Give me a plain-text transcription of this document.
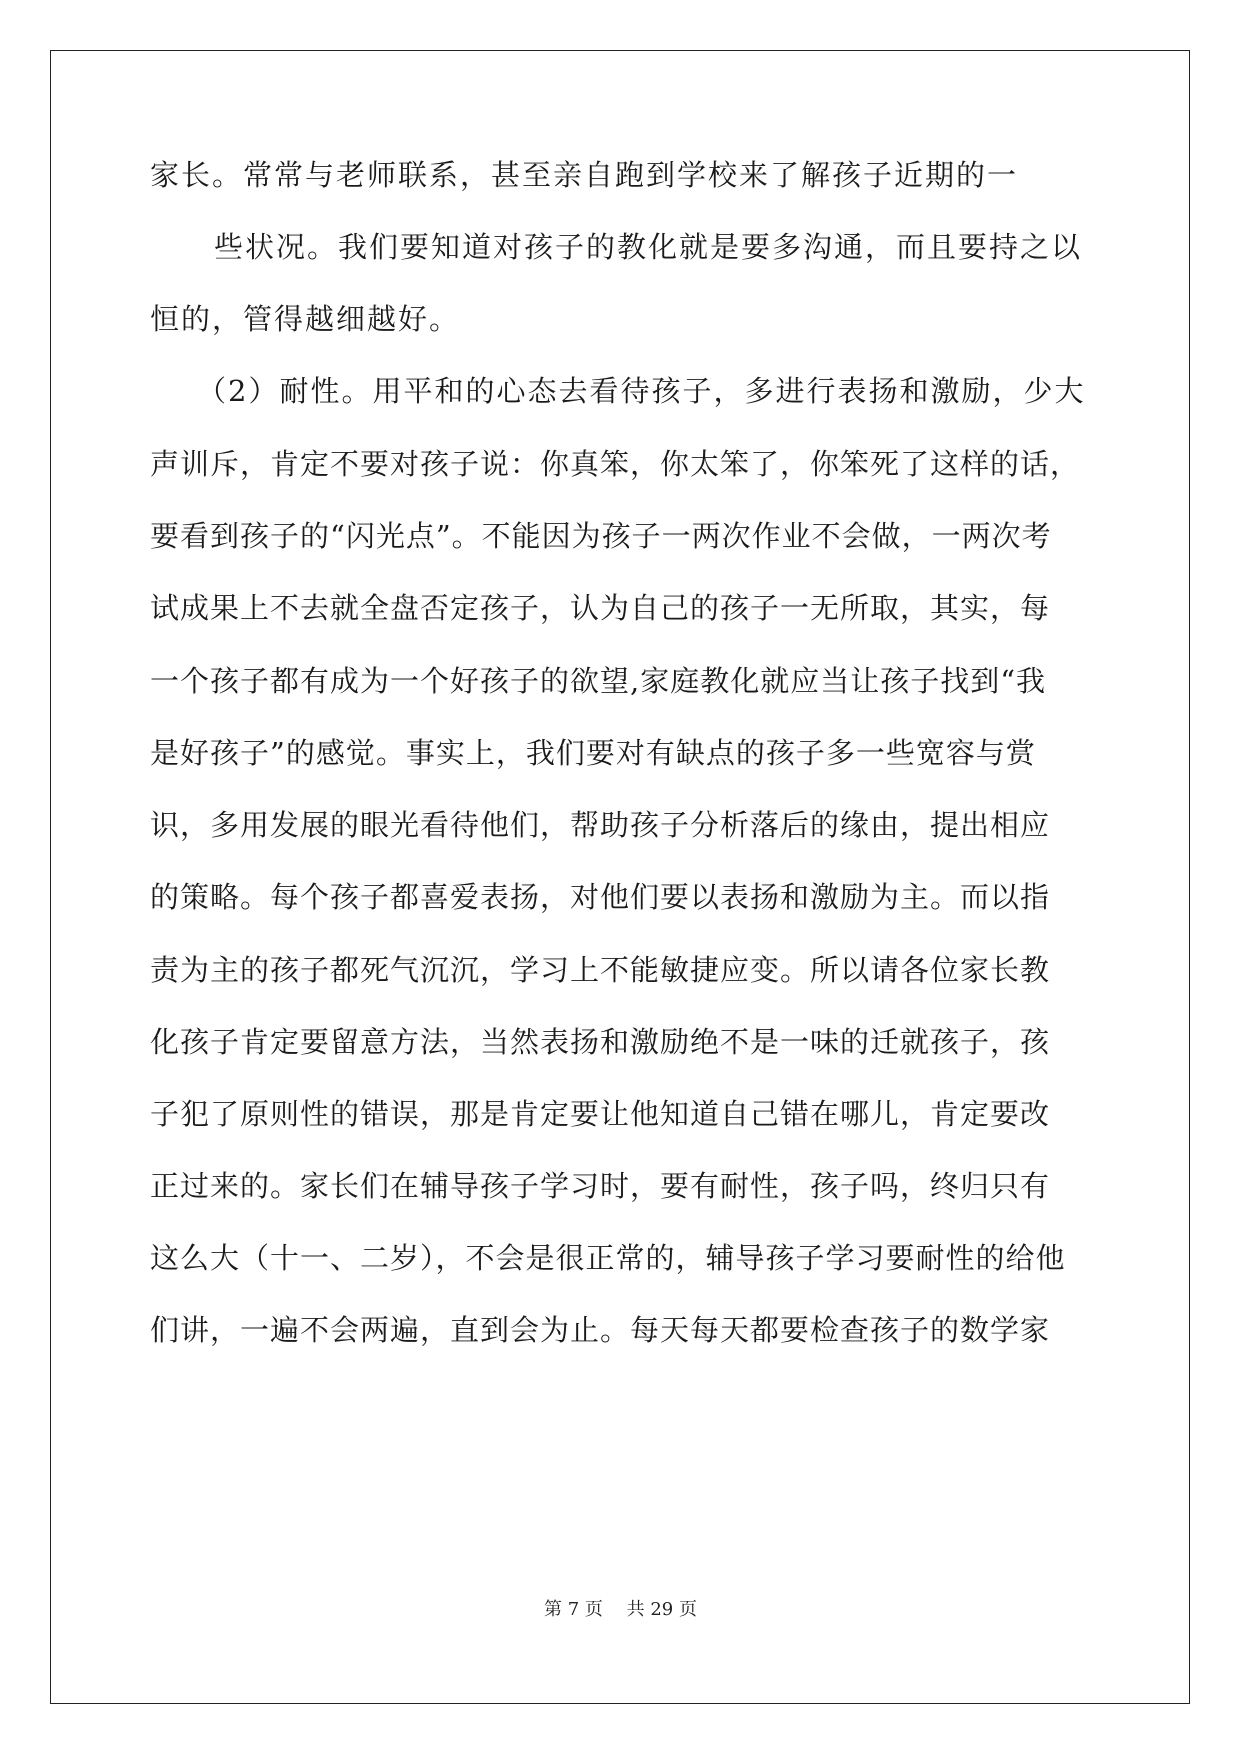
家长。常常与老师联系，甚至亲自跑到学校来了解孩子近期的一
些状况。我们要知道对孩子的教化就是要多沟通，而且要持之以
恒的，管得越细越好。
（2）耐性。用平和的心态去看待孩子，多进行表扬和激励，少大
声训斥，肯定不要对孩子说：你真笨，你太笨了，你笨死了这样的话，
要看到孩子的“闪光点”。不能因为孩子一两次作业不会做，一两次考
试成果上不去就全盘否定孩子，认为自己的孩子一无所取，其实，每
一个孩子都有成为一个好孩子的欲望,家庭教化就应当让孩子找到“我
是好孩子”的感觉。事实上，我们要对有缺点的孩子多一些宽容与赏
识，多用发展的眼光看待他们，帮助孩子分析落后的缘由，提出相应
的策略。每个孩子都喜爱表扬，对他们要以表扬和激励为主。而以指
责为主的孩子都死气沉沉，学习上不能敏捷应变。所以请各位家长教
化孩子肯定要留意方法，当然表扬和激励绝不是一味的迁就孩子，孩
子犯了原则性的错误，那是肯定要让他知道自己错在哪儿，肯定要改
正过来的。家长们在辅导孩子学习时，要有耐性，孩子吗，终归只有
这么大（十一、二岁），不会是很正常的，辅导孩子学习要耐性的给他
们讲，一遍不会两遍，直到会为止。每天每天都要检查孩子的数学家
第 7 页　 共 29 页
